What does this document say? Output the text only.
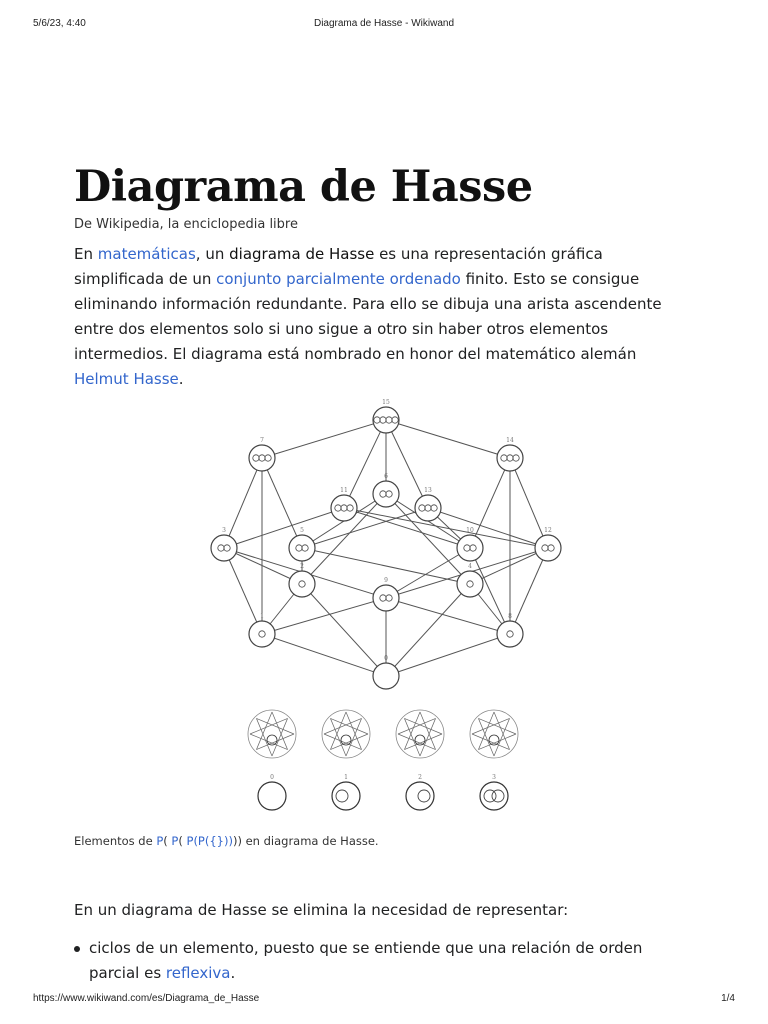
5/6/23, 4:40	Diagrama de Hasse - Wikiwand
Diagrama de Hasse
De Wikipedia, la enciclopedia libre

En matemáticas, un diagrama de Hasse es una representación gráfica simplificada de un conjunto parcialmente ordenado finito. Esto se consigue eliminando información redundante. Para ello se dibuja una arista ascendente entre dos elementos solo si uno sigue a otro sin haber otros elementos intermedios. El diagrama está nombrado en honor del matemático alemán Helmut Hasse.

15
7	14
6
11	13
3	5	10	12
2
9
4
1	8
0
0	1	2	3
Elementos de P( P( P(P({})))) en diagrama de Hasse.

En un diagrama de Hasse se elimina la necesidad de representar:

ciclos de un elemento, puesto que se entiende que una relación de orden parcial es reflexiva.
https://www.wikiwand.com/es/Diagrama_de_Hasse	1/4
